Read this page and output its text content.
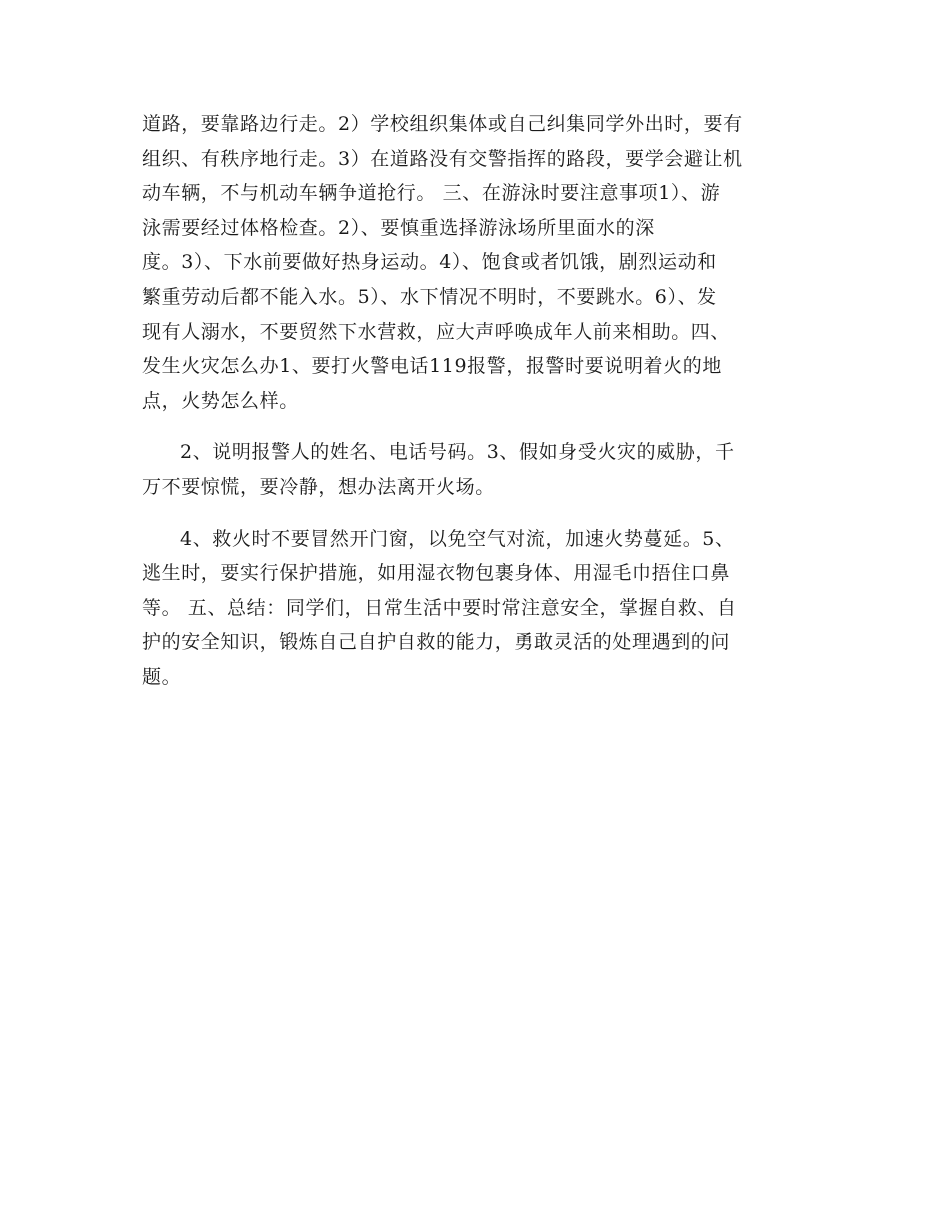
道路，要靠路边行走。2）学校组织集体或自己纠集同学外出时，要有
组织、有秩序地行走。3）在道路没有交警指挥的路段，要学会避让机
动车辆，不与机动车辆争道抢行。 三、在游泳时要注意事项1）、游
泳需要经过体格检查。2）、要慎重选择游泳场所里面水的深
度。3）、下水前要做好热身运动。4）、饱食或者饥饿，剧烈运动和
繁重劳动后都不能入水。5）、水下情况不明时，不要跳水。6）、发
现有人溺水，不要贸然下水营救，应大声呼唤成年人前来相助。四、
发生火灾怎么办1、要打火警电话119报警，报警时要说明着火的地
点，火势怎么样。

2、说明报警人的姓名、电话号码。3、假如身受火灾的威胁，千
万不要惊慌，要冷静，想办法离开火场。

4、救火时不要冒然开门窗，以免空气对流，加速火势蔓延。5、
逃生时，要实行保护措施，如用湿衣物包裹身体、用湿毛巾捂住口鼻
等。 五、总结：同学们，日常生活中要时常注意安全，掌握自救、自
护的安全知识，锻炼自己自护自救的能力，勇敢灵活的处理遇到的问
题。
